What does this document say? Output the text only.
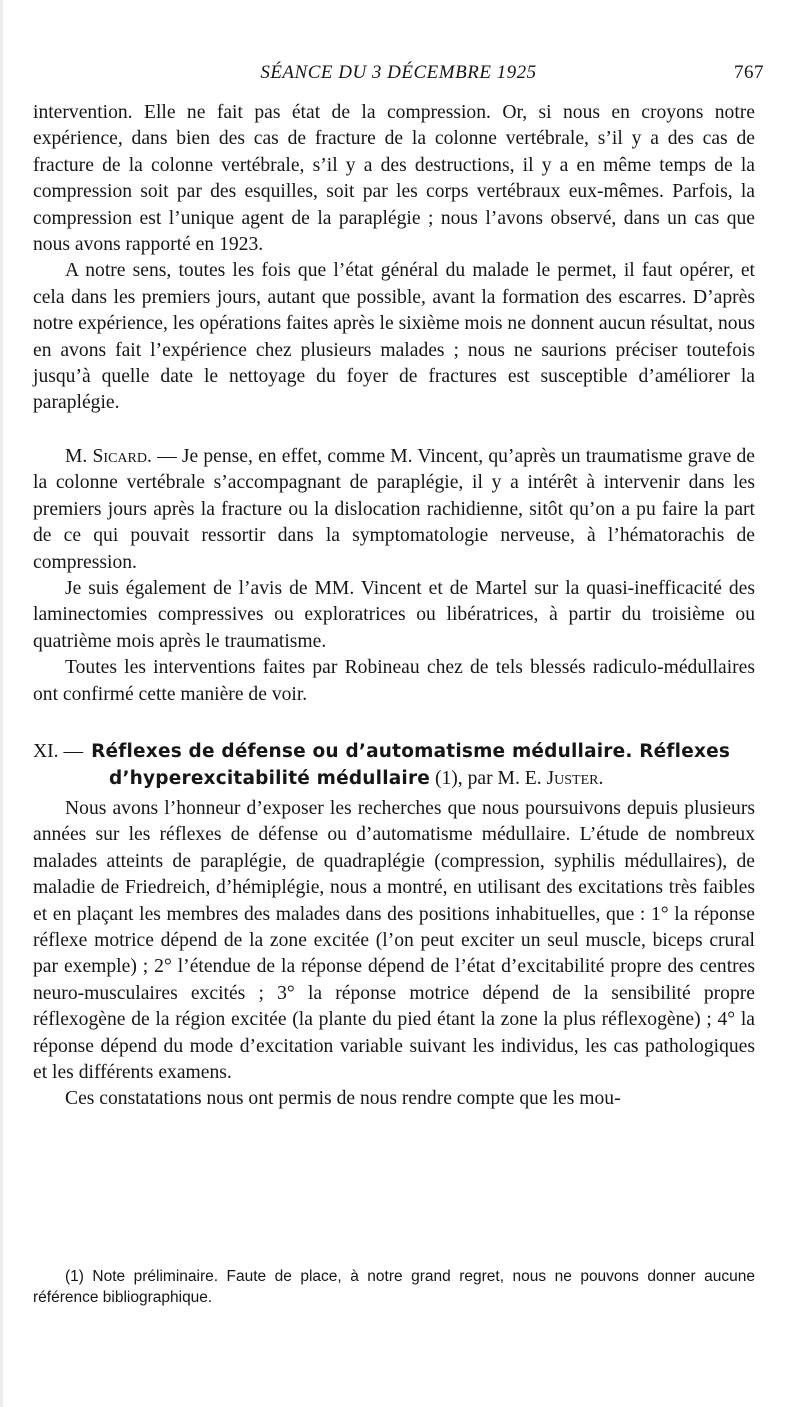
SÉANCE DU 3 DÉCEMBRE 1925	767

intervention. Elle ne fait pas état de la compression. Or, si nous en croyons notre expérience, dans bien des cas de fracture de la colonne vertébrale, s’il y a des cas de fracture de la colonne vertébrale, s’il y a des destructions, il y a en même temps de la compression soit par des esquilles, soit par les corps vertébraux eux-mêmes. Parfois, la compression est l’unique agent de la paraplégie ; nous l’avons observé, dans un cas que nous avons rapporté en 1923.

A notre sens, toutes les fois que l’état général du malade le permet, il faut opérer, et cela dans les premiers jours, autant que possible, avant la formation des escarres. D’après notre expérience, les opérations faites après le sixième mois ne donnent aucun résultat, nous en avons fait l’expérience chez plusieurs malades ; nous ne saurions préciser toutefois jusqu’à quelle date le nettoyage du foyer de fractures est susceptible d’améliorer la paraplégie.

M. Sicard. — Je pense, en effet, comme M. Vincent, qu’après un traumatisme grave de la colonne vertébrale s’accompagnant de paraplégie, il y a intérêt à intervenir dans les premiers jours après la fracture ou la dislocation rachidienne, sitôt qu’on a pu faire la part de ce qui pouvait ressortir dans la symptomatologie nerveuse, à l’hématorachis de compression.

Je suis également de l’avis de MM. Vincent et de Martel sur la quasi-inefficacité des laminectomies compressives ou exploratrices ou libératrices, à partir du troisième ou quatrième mois après le traumatisme.

Toutes les interventions faites par Robineau chez de tels blessés radiculo-médullaires ont confirmé cette manière de voir.

XI. — Réflexes de défense ou d’automatisme médullaire. Réflexes d’hyperexcitabilité médullaire (1), par M. E. Juster.

Nous avons l’honneur d’exposer les recherches que nous poursuivons depuis plusieurs années sur les réflexes de défense ou d’automatisme médullaire. L’étude de nombreux malades atteints de paraplégie, de quadraplégie (compression, syphilis médullaires), de maladie de Friedreich, d’hémiplégie, nous a montré, en utilisant des excitations très faibles et en plaçant les membres des malades dans des positions inhabituelles, que : 1° la réponse réflexe motrice dépend de la zone excitée (l’on peut exciter un seul muscle, biceps crural par exemple) ; 2° l’étendue de la réponse dépend de l’état d’excitabilité propre des centres neuro-musculaires excités ; 3° la réponse motrice dépend de la sensibilité propre réflexogène de la région excitée (la plante du pied étant la zone la plus réflexogène) ; 4° la réponse dépend du mode d’excitation variable suivant les individus, les cas pathologiques et les différents examens.

Ces constatations nous ont permis de nous rendre compte que les mou-

(1) Note préliminaire. Faute de place, à notre grand regret, nous ne pouvons donner aucune référence bibliographique.
